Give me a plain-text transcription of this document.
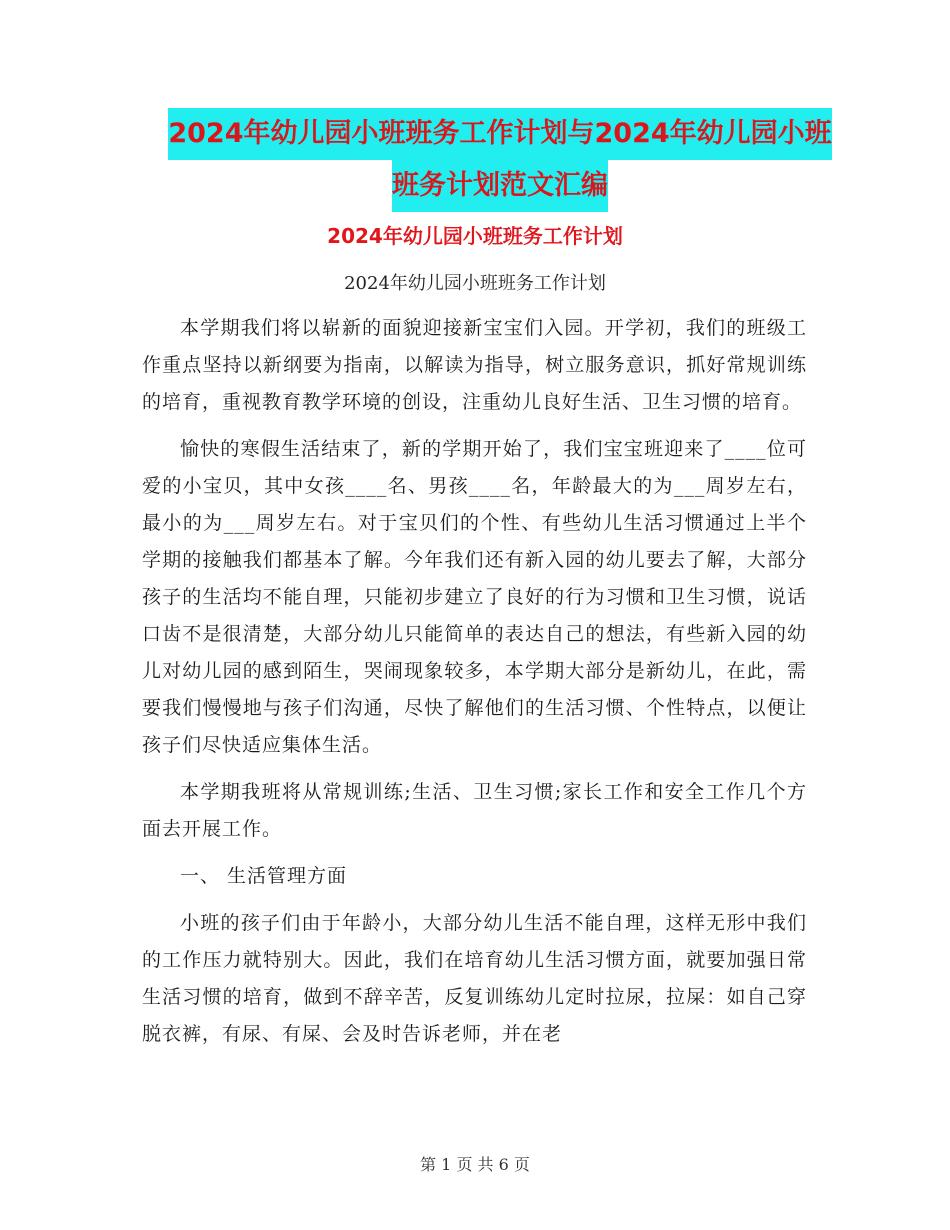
2024年幼儿园小班班务工作计划与2024年幼儿园小班
班务计划范文汇编
2024年幼儿园小班班务工作计划
2024年幼儿园小班班务工作计划

本学期我们将以崭新的面貌迎接新宝宝们入园。开学初，我们的班级工作重点坚持以新纲要为指南，以解读为指导，树立服务意识，抓好常规训练的培育，重视教育教学环境的创设，注重幼儿良好生活、卫生习惯的培育。

愉快的寒假生活结束了，新的学期开始了，我们宝宝班迎来了____位可爱的小宝贝，其中女孩____名、男孩____名，年龄最大的为___周岁左右，最小的为___周岁左右。对于宝贝们的个性、有些幼儿生活习惯通过上半个学期的接触我们都基本了解。今年我们还有新入园的幼儿要去了解，大部分孩子的生活均不能自理，只能初步建立了良好的行为习惯和卫生习惯，说话口齿不是很清楚，大部分幼儿只能简单的表达自己的想法，有些新入园的幼儿对幼儿园的感到陌生，哭闹现象较多，本学期大部分是新幼儿，在此，需要我们慢慢地与孩子们沟通，尽快了解他们的生活习惯、个性特点，以便让孩子们尽快适应集体生活。

本学期我班将从常规训练;生活、卫生习惯;家长工作和安全工作几个方面去开展工作。

一、 生活管理方面

小班的孩子们由于年龄小，大部分幼儿生活不能自理，这样无形中我们的工作压力就特别大。因此，我们在培育幼儿生活习惯方面，就要加强日常生活习惯的培育，做到不辞辛苦，反复训练幼儿定时拉尿，拉屎：如自己穿脱衣裤，有尿、有屎、会及时告诉老师，并在老

第 1 页 共 6 页
